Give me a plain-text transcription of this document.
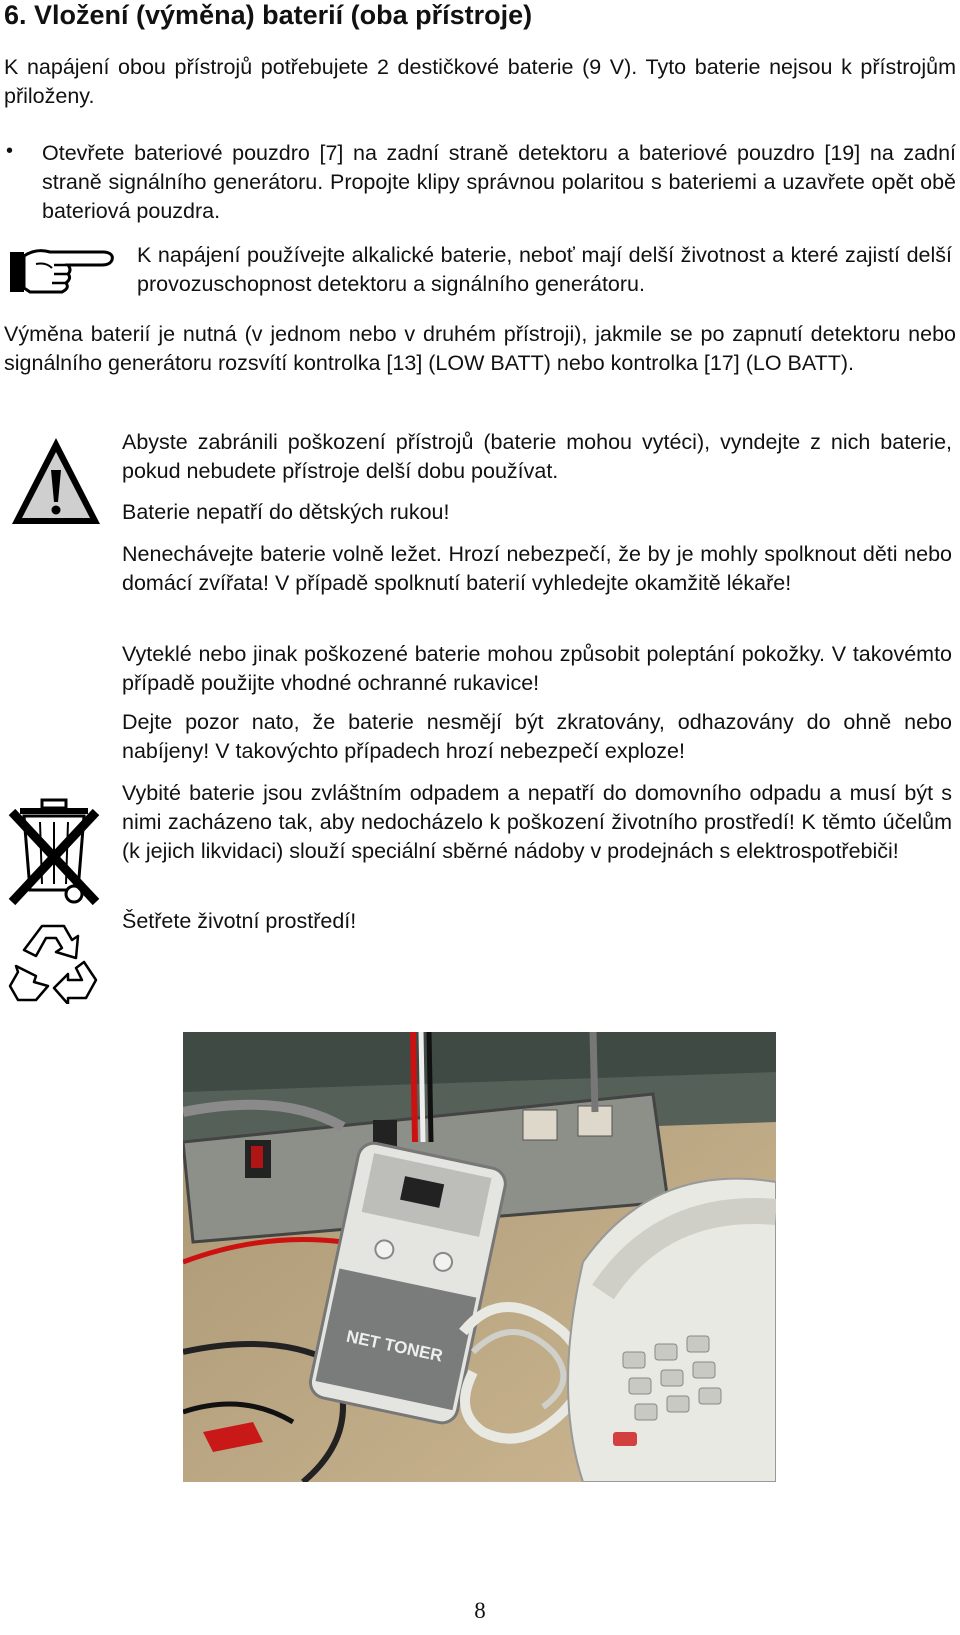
6. Vložení (výměna) baterií (oba přístroje)

K napájení obou přístrojů potřebujete 2 destičkové baterie (9 V). Tyto baterie nejsou k přístrojům přiloženy.

• Otevřete bateriové pouzdro [7] na zadní straně detektoru a bateriové pouzdro [19] na zadní straně signálního generátoru. Propojte klipy správnou polaritou s bateriemi a uzavřete opět obě bateriová pouzdra.

K napájení používejte alkalické baterie, neboť mají delší životnost a které zajistí delší provozuschopnost detektoru a signálního generátoru.

Výměna baterií je nutná (v jednom nebo v druhém přístroji), jakmile se po zapnutí detektoru nebo signálního generátoru rozsvítí kontrolka [13] (LOW BATT) nebo kontrolka [17] (LO BATT).

Abyste zabránili poškození přístrojů (baterie mohou vytéci), vyndejte z nich baterie, pokud nebudete přístroje delší dobu používat.

Baterie nepatří do dětských rukou!

Nenechávejte baterie volně ležet. Hrozí nebezpečí, že by je mohly spolknout děti nebo domácí zvířata! V případě spolknutí baterií vyhledejte okamžitě lékaře!

Vyteklé nebo jinak poškozené baterie mohou způsobit poleptání pokožky. V takovémto případě použijte vhodné ochranné rukavice!

Dejte pozor nato, že baterie nesmějí být zkratovány, odhazovány do ohně nebo nabíjeny! V takovýchto případech hrozí nebezpečí exploze!

Vybité baterie jsou zvláštním odpadem a nepatří do domovního odpadu a musí být s nimi zacházeno tak, aby nedocházelo k poškození životního prostředí! K těmto účelům (k jejich likvidaci) slouží speciální sběrné nádoby v prodejnách s elektrospotřebiči!

Šetřete životní prostředí!

NET TONER
8
